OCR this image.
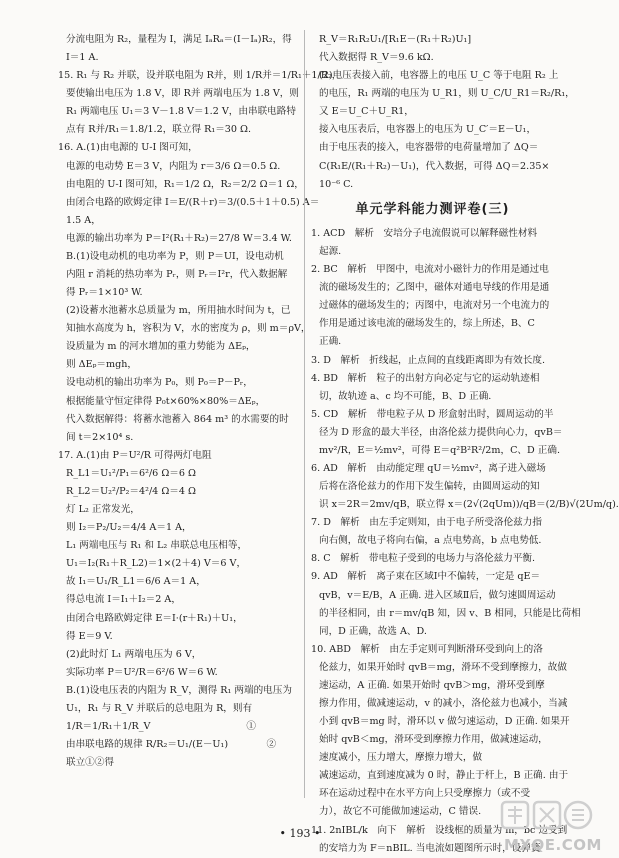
分流电阻为 R₂，量程为 I，满足 IₐRₐ＝(I－Iₐ)R₂，得
I＝1 A.
15. R₁ 与 R₂ 并联，设并联电阻为 R并，则 1/R并＝1/R₁＋1/R₂，
要使输出电压为 1.8 V，即 R并 两端电压为 1.8 V，则
R₁ 两端电压 U₁＝3 V－1.8 V＝1.2 V，由串联电路特
点有 R并/R₁＝1.8/1.2，联立得 R₁＝30 Ω.
16. A.(1)由电源的 U-I 图可知，
电源的电动势 E＝3 V，内阻为 r＝3/6 Ω＝0.5 Ω.
由电阻的 U-I 图可知，R₁＝1/2 Ω，R₂＝2/2 Ω＝1 Ω，
由闭合电路的欧姆定律 I＝E/(R＋r)＝3/(0.5＋1＋0.5) A＝
1.5 A，
电源的输出功率为 P＝I²(R₁＋R₂)＝27/8 W＝3.4 W.
B.(1)设电动机的电功率为 P，则 P＝UI，设电动机
内阻 r 消耗的热功率为 Pᵣ，则 Pᵣ＝I²r，代入数据解
得 Pᵣ＝1×10³ W.
(2)设蓄水池蓄水总质量为 m，所用抽水时间为 t，已
知抽水高度为 h，容积为 V，水的密度为 ρ，则 m＝ρV，
设质量为 m 的河水增加的重力势能为 ΔEₚ，
则 ΔEₚ＝mgh，
设电动机的输出功率为 P₀，则 P₀＝P－Pᵣ，
根据能量守恒定律得 P₀t×60%×80%＝ΔEₚ，
代入数据解得：将蓄水池蓄入 864 m³ 的水需要的时
间 t＝2×10⁴ s.
17. A.(1)由 P＝U²/R 可得两灯电阻
R_L1＝U₁²/P₁＝6²/6 Ω＝6 Ω
R_L2＝U₂²/P₂＝4²/4 Ω＝4 Ω
灯 L₂ 正常发光，
则 I₂＝P₂/U₂＝4/4 A＝1 A，
L₁ 两端电压与 R₁ 和 L₂ 串联总电压相等，
U₁＝I₂(R₁＋R_L2)＝1×(2＋4) V＝6 V，
故 I₁＝U₁/R_L1＝6/6 A＝1 A，
得总电流 I＝I₁＋I₂＝2 A，
由闭合电路欧姆定律 E＝I·(r＋R₁)＋U₁，
得 E＝9 V.
(2)此时灯 L₁ 两端电压为 6 V，
实际功率 P＝U²/R＝6²/6 W＝6 W.
B.(1)设电压表的内阻为 R_V，测得 R₁ 两端的电压为
U₁，R₁ 与 R_V 并联后的总电阻为 R，则有
1/R＝1/R₁＋1/R_V　　　　　　　　　　①
由串联电路的规律 R/R₂＝U₁/(E－U₁)　　　　②
联立①②得
R_V＝R₁R₂U₁/[R₁E－(R₁＋R₂)U₁]
代入数据得 R_V＝9.6 kΩ.
(2)电压表接入前，电容器上的电压 U_C 等于电阻 R₂ 上
的电压，R₁ 两端的电压为 U_R1，则 U_C/U_R1＝R₂/R₁，
又 E＝U_C＋U_R1，
接入电压表后，电容器上的电压为 U_C′＝E－U₁，
由于电压表的接入，电容器带的电荷量增加了 ΔQ＝
C(R₁E/(R₁＋R₂)－U₁)，代入数据，可得 ΔQ＝2.35×
10⁻⁶ C.
单元学科能力测评卷(三)
1. ACD　解析　安培分子电流假说可以解释磁性材料
起源.
2. BC　解析　甲图中，电流对小磁针力的作用是通过电
流的磁场发生的；乙图中，磁体对通电导线的作用是通
过磁体的磁场发生的；丙图中，电流对另一个电流力的
作用是通过该电流的磁场发生的，综上所述，B、C
正确.
3. D　解析　折线起，止点间的直线距离即为有效长度.
4. BD　解析　粒子的出射方向必定与它的运动轨迹相
切，故轨迹 a、c 均不可能，B、D 正确.
5. CD　解析　带电粒子从 D 形盒射出时，圆周运动的半
径为 D 形盒的最大半径，由洛伦兹力提供向心力，qvB＝
mv²/R，E＝½mv²，可得 E＝q²B²R²/2m，C、D 正确.
6. AD　解析　由动能定理 qU＝½mv²，离子进入磁场
后将在洛伦兹力的作用下发生偏转，由圆周运动的知
识 x＝2R＝2mv/qB，联立得 x＝(2√(2qUm))/qB＝(2/B)√(2Um/q).
7. D　解析　由左手定则知，由于电子所受洛伦兹力指
向右侧，故电子将向右偏，a 点电势高，b 点电势低.
8. C　解析　带电粒子受到的电场力与洛伦兹力平衡.
9. AD　解析　离子束在区域Ⅰ中不偏转，一定是 qE＝
qvB，v＝E/B，A 正确. 进入区域Ⅱ后，做匀速圆周运动
的半径相同，由 r＝mv/qB 知，因 v、B 相同，只能是比荷相
同，D 正确，故选 A、D.
10. ABD　解析　由左手定则可判断滑环受到向上的洛
伦兹力，如果开始时 qvB＝mg，滑环不受到摩擦力，故做
速运动，A 正确. 如果开始时 qvB＞mg，滑环受到摩
擦力作用，做减速运动，v 的减小，洛伦兹力也减小，当减
小到 qvB＝mg 时，滑环以 v 做匀速运动，D 正确. 如果开
始时 qvB＜mg，滑环受到摩擦力作用，做减速运动，
速度减小，压力增大，摩擦力增大，做
减速运动，直到速度减为 0 时，静止于杆上，B 正确. 由于
环在运动过程中在水平方向上只受摩擦力（或不受
力），故它不可能做加速运动，C 错误.
11. 2nIBL/k　向下　解析　设线框的质量为 m，bc 边受到
的安培力为 F＝nBIL. 当电流如题图所示时，设弹簧
• 193 •
MXQE.COM
